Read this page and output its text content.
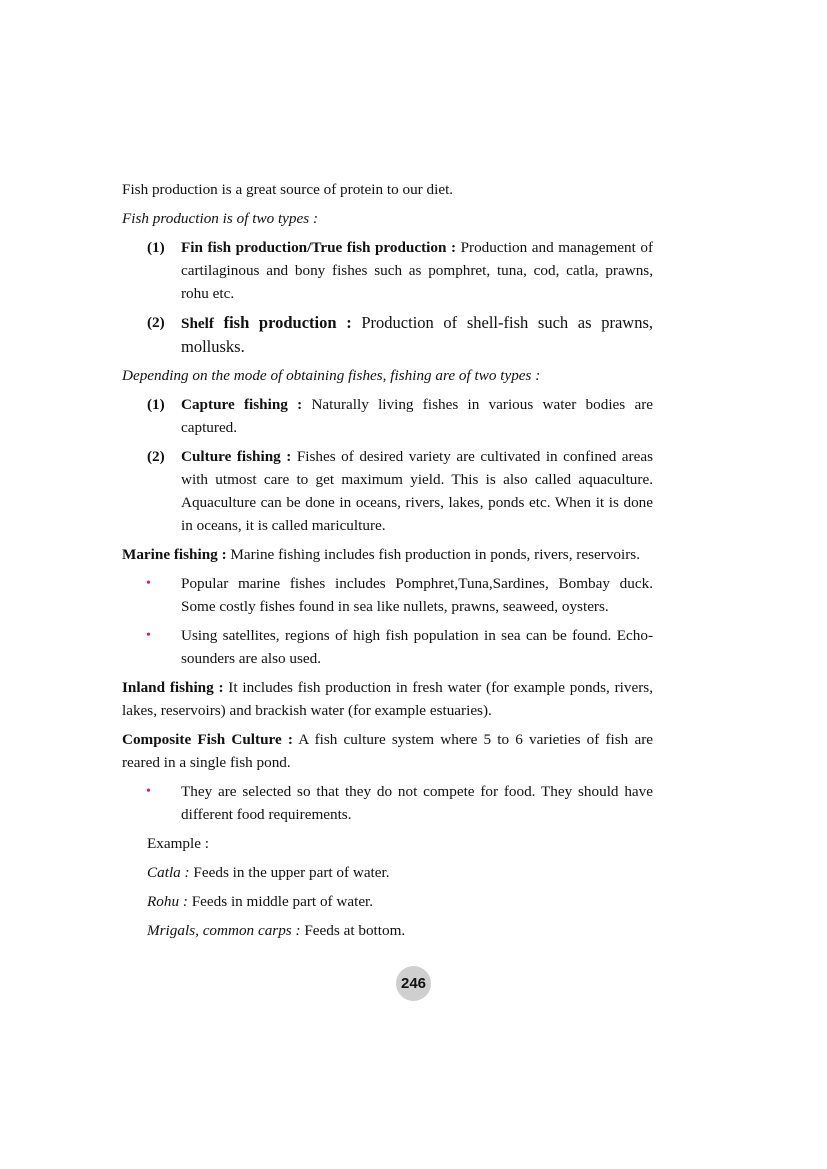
Fish production is a great source of protein to our diet.

Fish production is of two types :

(1) Fin fish production/True fish production : Production and management of cartilaginous and bony fishes such as pomphret, tuna, cod, catla, prawns, rohu etc.
(2) Shelf fish production : Production of shell-fish such as prawns, mollusks.

Depending on the mode of obtaining fishes, fishing are of two types :

(1) Capture fishing : Naturally living fishes in various water bodies are captured.
(2) Culture fishing : Fishes of desired variety are cultivated in confined areas with utmost care to get maximum yield. This is also called aquaculture. Aquaculture can be done in oceans, rivers, lakes, ponds etc. When it is done in oceans, it is called mariculture.

Marine fishing : Marine fishing includes fish production in ponds, rivers, reservoirs.

• Popular marine fishes includes Pomphret,Tuna,Sardines, Bombay duck. Some costly fishes found in sea like nullets, prawns, seaweed, oysters.
• Using satellites, regions of high fish population in sea can be found. Echo-sounders are also used.

Inland fishing : It includes fish production in fresh water (for example ponds, rivers, lakes, reservoirs) and brackish water (for example estuaries).

Composite Fish Culture : A fish culture system where 5 to 6 varieties of fish are reared in a single fish pond.

• They are selected so that they do not compete for food. They should have different food requirements.

Example :

Catla : Feeds in the upper part of water.

Rohu : Feeds in middle part of water.

Mrigals, common carps : Feeds at bottom.

246
